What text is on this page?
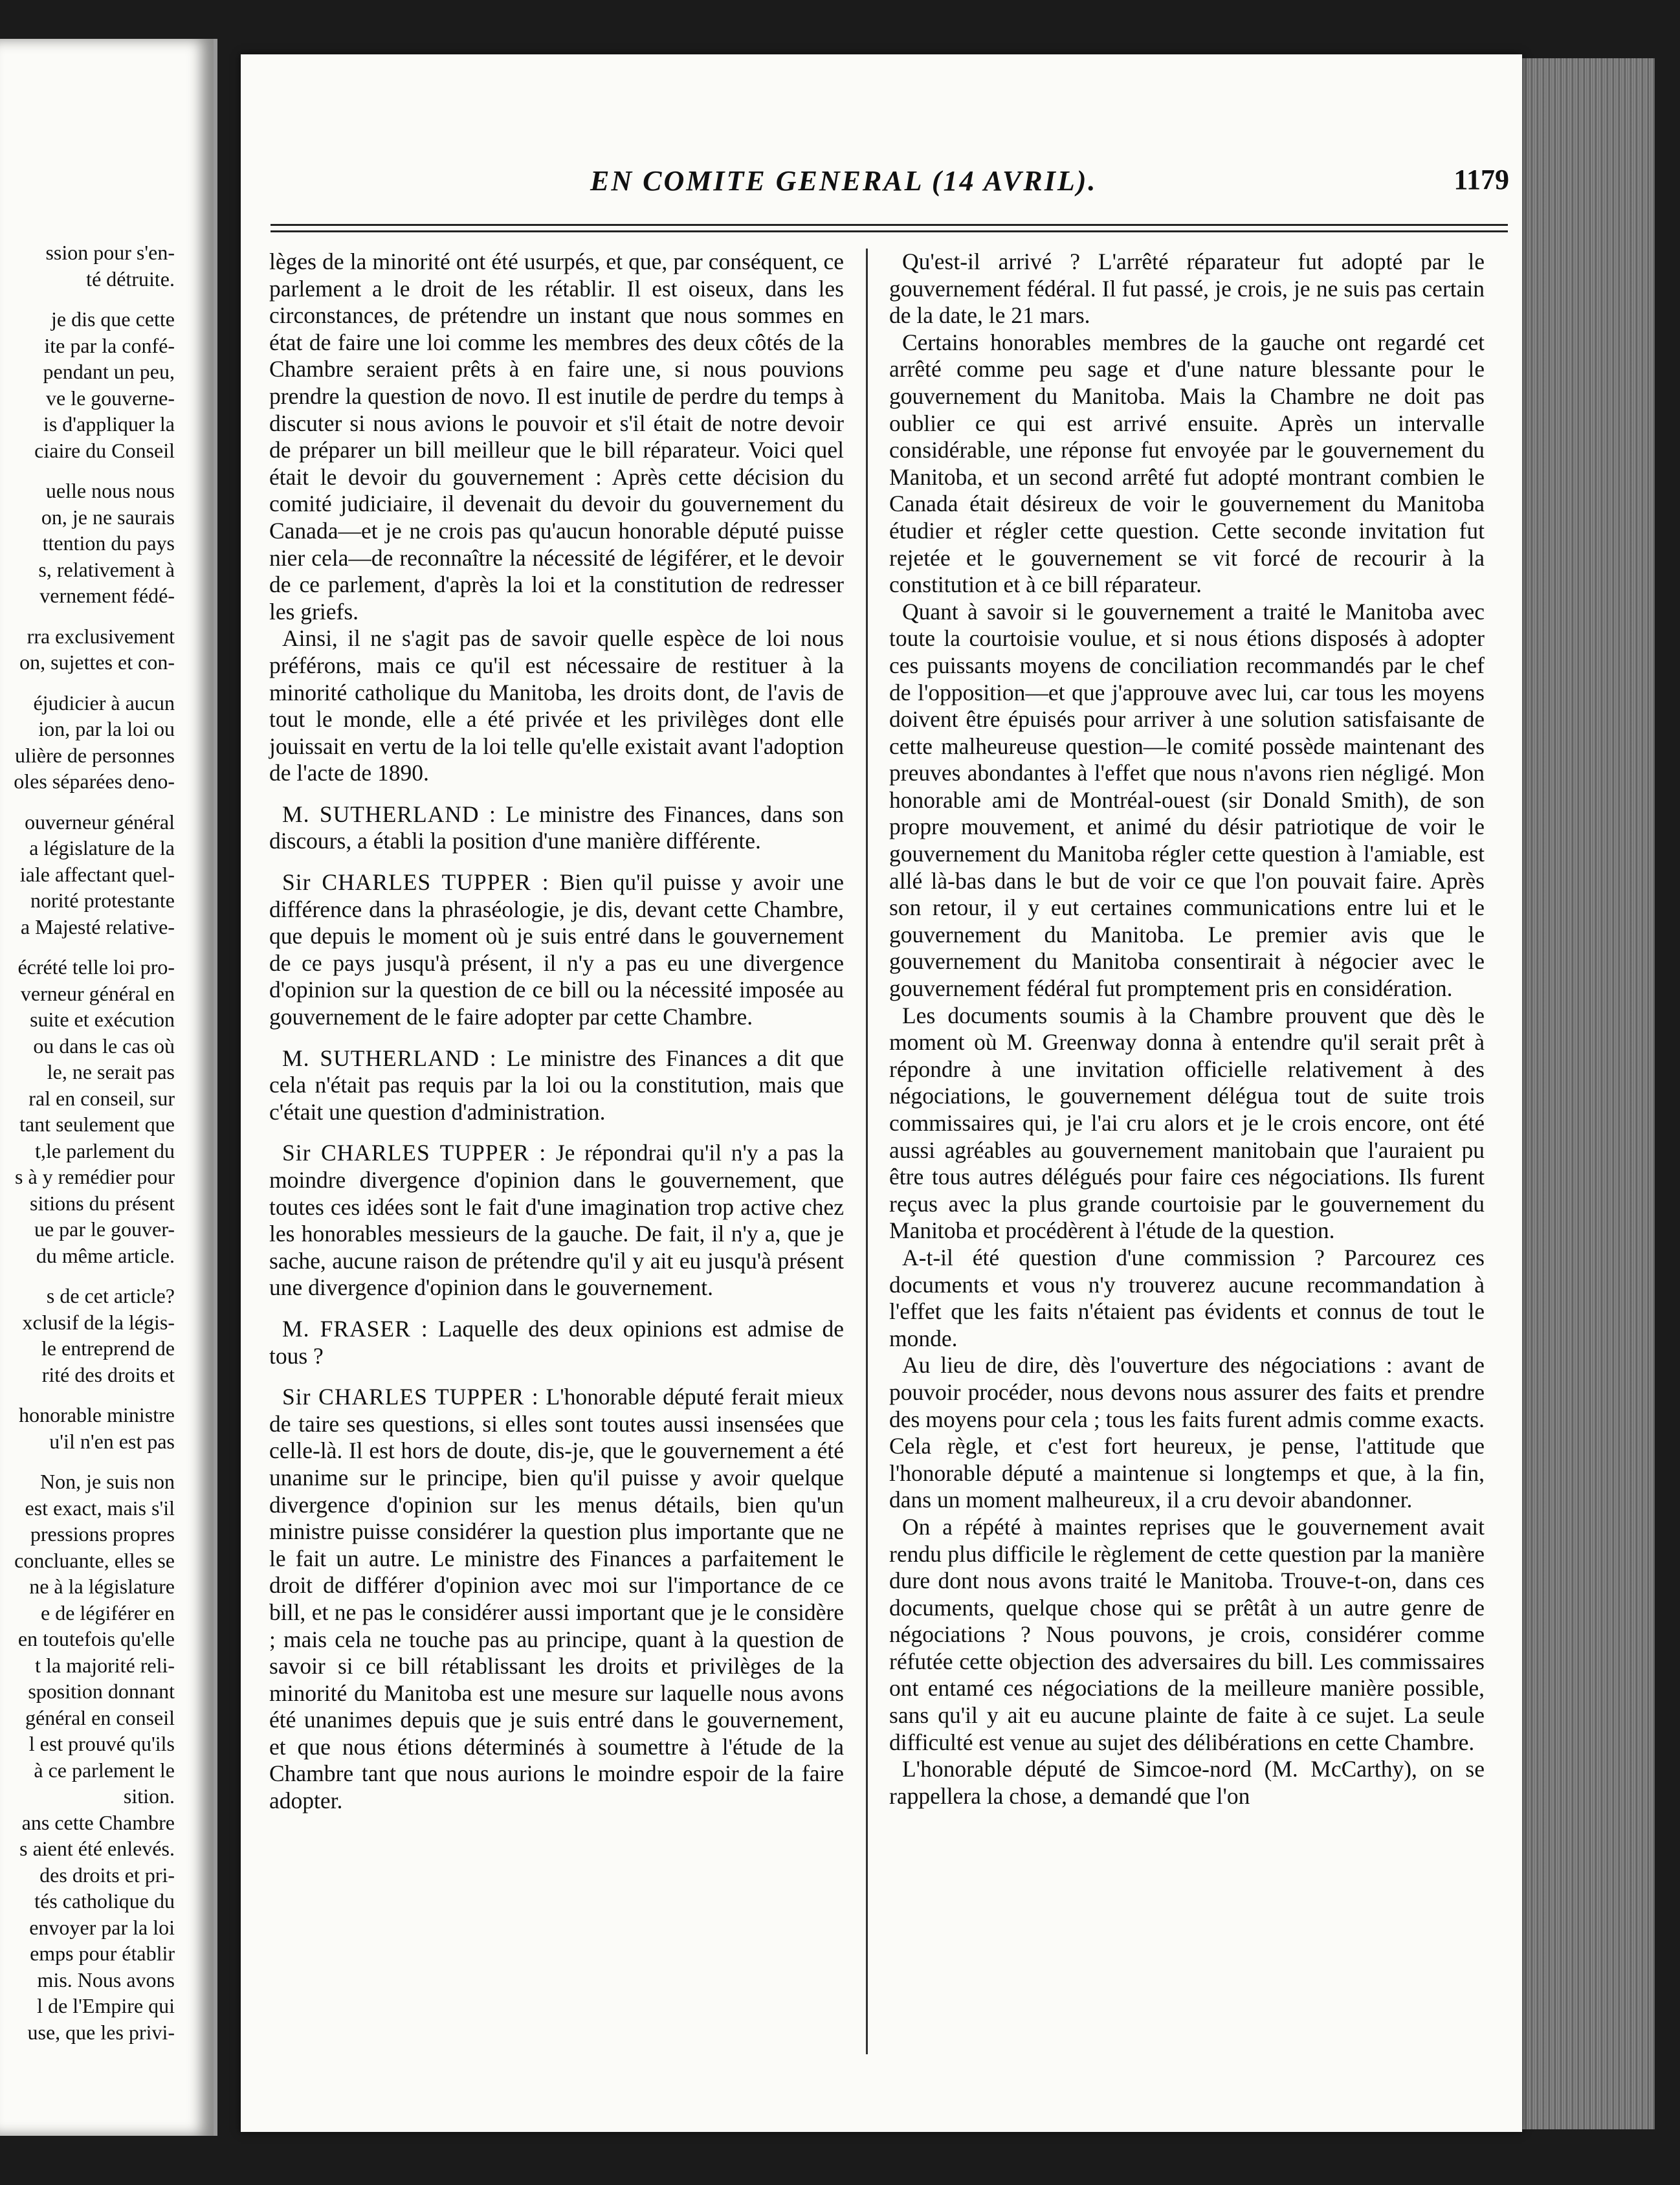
ssion pour s'en-
té détruite.
je dis que cette
ite par la confé-
pendant un peu,
ve le gouverne-
is d'appliquer la
ciaire du Conseil
uelle nous nous
on, je ne saurais
ttention du pays
s, relativement à
vernement fédé-
rra exclusivement
on, sujettes et con-
éjudicier à aucun
ion, par la loi ou
ulière de personnes
oles séparées deno-
ouverneur général
a législature de la
iale affectant quel-
norité protestante
a Majesté relative-
écrété telle loi pro-
verneur général en
suite et exécution
ou dans le cas où
le, ne serait pas
ral en conseil, sur
tant seulement que
t,le parlement du
s à y remédier pour
sitions du présent
ue par le gouver-
du même article.
s de cet article?
xclusif de la légis-
le entreprend de
rité des droits et
honorable ministre
u'il n'en est pas
Non, je suis non
est exact, mais s'il
pressions propres
concluante, elles se
ne à la législature
e de légiférer en
en toutefois qu'elle
t la majorité reli-
sposition donnant
général en conseil
l est prouvé qu'ils
à ce parlement le
sition.
ans cette Chambre
s aient été enlevés.
des droits et pri-
tés catholique du
envoyer par la loi
emps pour établir
mis. Nous avons
l de l'Empire qui
use, que les privi-
EN COMITE GENERAL (14 AVRIL).	1179

lèges de la minorité ont été usurpés, et que, par conséquent, ce parlement a le droit de les rétablir. Il est oiseux, dans les circonstances, de prétendre un instant que nous sommes en état de faire une loi comme les membres des deux côtés de la Chambre seraient prêts à en faire une, si nous pouvions prendre la question de novo. Il est inutile de perdre du temps à discuter si nous avions le pouvoir et s'il était de notre devoir de préparer un bill meilleur que le bill réparateur. Voici quel était le devoir du gouvernement : Après cette décision du comité judiciaire, il devenait du devoir du gouvernement du Canada—et je ne crois pas qu'aucun honorable député puisse nier cela—de reconnaître la nécessité de légiférer, et le devoir de ce parlement, d'après la loi et la constitution de redresser les griefs.

Ainsi, il ne s'agit pas de savoir quelle espèce de loi nous préférons, mais ce qu'il est nécessaire de restituer à la minorité catholique du Manitoba, les droits dont, de l'avis de tout le monde, elle a été privée et les privilèges dont elle jouissait en vertu de la loi telle qu'elle existait avant l'adoption de l'acte de 1890.

M. SUTHERLAND : Le ministre des Finances, dans son discours, a établi la position d'une manière différente.

Sir CHARLES TUPPER : Bien qu'il puisse y avoir une différence dans la phraséologie, je dis, devant cette Chambre, que depuis le moment où je suis entré dans le gouvernement de ce pays jusqu'à présent, il n'y a pas eu une divergence d'opinion sur la question de ce bill ou la nécessité imposée au gouvernement de le faire adopter par cette Chambre.

M. SUTHERLAND : Le ministre des Finances a dit que cela n'était pas requis par la loi ou la constitution, mais que c'était une question d'administration.

Sir CHARLES TUPPER : Je répondrai qu'il n'y a pas la moindre divergence d'opinion dans le gouvernement, que toutes ces idées sont le fait d'une imagination trop active chez les honorables messieurs de la gauche. De fait, il n'y a, que je sache, aucune raison de prétendre qu'il y ait eu jusqu'à présent une divergence d'opinion dans le gouvernement.

M. FRASER : Laquelle des deux opinions est admise de tous ?

Sir CHARLES TUPPER : L'honorable député ferait mieux de taire ses questions, si elles sont toutes aussi insensées que celle-là. Il est hors de doute, dis-je, que le gouvernement a été unanime sur le principe, bien qu'il puisse y avoir quelque divergence d'opinion sur les menus détails, bien qu'un ministre puisse considérer la question plus importante que ne le fait un autre. Le ministre des Finances a parfaitement le droit de différer d'opinion avec moi sur l'importance de ce bill, et ne pas le considérer aussi important que je le considère ; mais cela ne touche pas au principe, quant à la question de savoir si ce bill rétablissant les droits et privilèges de la minorité du Manitoba est une mesure sur laquelle nous avons été unanimes depuis que je suis entré dans le gouvernement, et que nous étions déterminés à soumettre à l'étude de la Chambre tant que nous aurions le moindre espoir de la faire adopter.

Qu'est-il arrivé ? L'arrêté réparateur fut adopté par le gouvernement fédéral. Il fut passé, je crois, je ne suis pas certain de la date, le 21 mars.

Certains honorables membres de la gauche ont regardé cet arrêté comme peu sage et d'une nature blessante pour le gouvernement du Manitoba. Mais la Chambre ne doit pas oublier ce qui est arrivé ensuite. Après un intervalle considérable, une réponse fut envoyée par le gouvernement du Manitoba, et un second arrêté fut adopté montrant combien le Canada était désireux de voir le gouvernement du Manitoba étudier et régler cette question. Cette seconde invitation fut rejetée et le gouvernement se vit forcé de recourir à la constitution et à ce bill réparateur.

Quant à savoir si le gouvernement a traité le Manitoba avec toute la courtoisie voulue, et si nous étions disposés à adopter ces puissants moyens de conciliation recommandés par le chef de l'opposition—et que j'approuve avec lui, car tous les moyens doivent être épuisés pour arriver à une solution satisfaisante de cette malheureuse question—le comité possède maintenant des preuves abondantes à l'effet que nous n'avons rien négligé. Mon honorable ami de Montréal-ouest (sir Donald Smith), de son propre mouvement, et animé du désir patriotique de voir le gouvernement du Manitoba régler cette question à l'amiable, est allé là-bas dans le but de voir ce que l'on pouvait faire. Après son retour, il y eut certaines communications entre lui et le gouvernement du Manitoba. Le premier avis que le gouvernement du Manitoba consentirait à négocier avec le gouvernement fédéral fut promptement pris en considération.

Les documents soumis à la Chambre prouvent que dès le moment où M. Greenway donna à entendre qu'il serait prêt à répondre à une invitation officielle relativement à des négociations, le gouvernement délégua tout de suite trois commissaires qui, je l'ai cru alors et je le crois encore, ont été aussi agréables au gouvernement manitobain que l'auraient pu être tous autres délégués pour faire ces négociations. Ils furent reçus avec la plus grande courtoisie par le gouvernement du Manitoba et procédèrent à l'étude de la question.

A-t-il été question d'une commission ? Parcourez ces documents et vous n'y trouverez aucune recommandation à l'effet que les faits n'étaient pas évidents et connus de tout le monde.

Au lieu de dire, dès l'ouverture des négociations : avant de pouvoir procéder, nous devons nous assurer des faits et prendre des moyens pour cela ; tous les faits furent admis comme exacts. Cela règle, et c'est fort heureux, je pense, l'attitude que l'honorable député a maintenue si longtemps et que, à la fin, dans un moment malheureux, il a cru devoir abandonner.

On a répété à maintes reprises que le gouvernement avait rendu plus difficile le règlement de cette question par la manière dure dont nous avons traité le Manitoba. Trouve-t-on, dans ces documents, quelque chose qui se prêtât à un autre genre de négociations ? Nous pouvons, je crois, considérer comme réfutée cette objection des adversaires du bill. Les commissaires ont entamé ces négociations de la meilleure manière possible, sans qu'il y ait eu aucune plainte de faite à ce sujet. La seule difficulté est venue au sujet des délibérations en cette Chambre.

L'honorable député de Simcoe-nord (M. McCarthy), on se rappellera la chose, a demandé que l'on
